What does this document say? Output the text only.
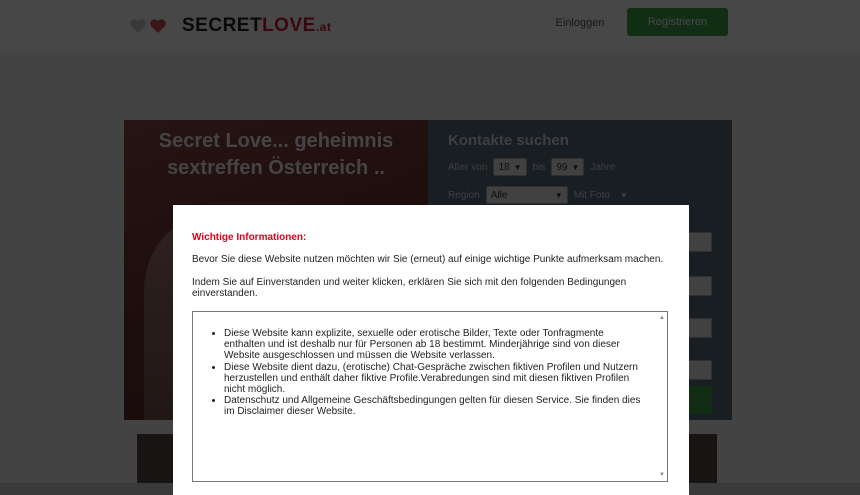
Wichtige Informationen:
Bevor Sie diese Website nutzen möchten wir Sie (erneut) auf einige wichtige Punkte aufmerksam machen.
Indem Sie auf Einverstanden und weiter klicken, erklären Sie sich mit den folgenden Bedingungen einverstanden.
• Diese Website kann explizite, sexuelle oder erotische Bilder, Texte oder Tonfragmente enthalten und ist deshalb nur für Personen ab 18 bestimmt. Minderjährige sind von dieser Website ausgeschlossen und müssen die Website verlassen.
• Diese Website dient dazu, (erotische) Chat-Gespräche zwischen fiktiven Profilen und Nutzern herzustellen und enthält daher fiktive Profile.Verabredungen sind mit diesen fiktiven Profilen nicht möglich.
• Datenschutz und Allgemeine Geschäftsbedingungen gelten für diesen Service. Sie finden dies im Disclaimer dieser Website.
▲
▼
